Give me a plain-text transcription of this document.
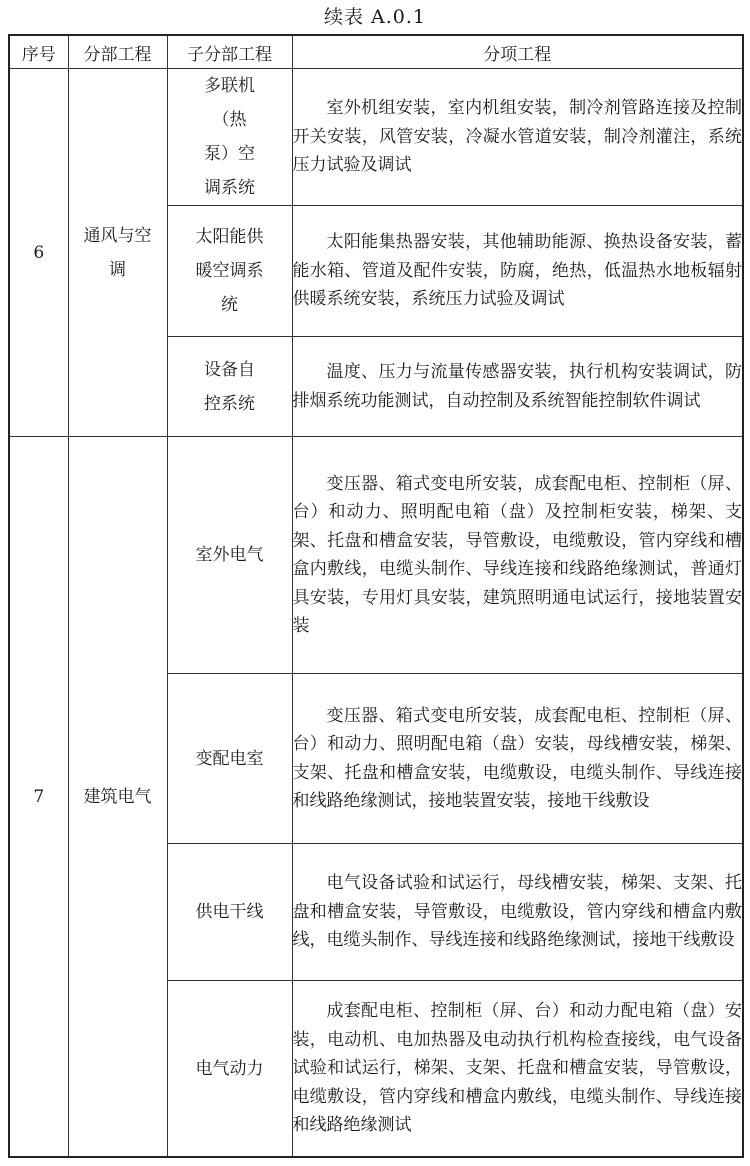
续表 A.0.1
序号	分部工程	子分部工程	分项工程
6	通风与空调	多联机（热泵）空调系统	室外机组安装，室内机组安装，制冷剂管路连接及控制开关安装，风管安装，冷凝水管道安装，制冷剂灌注，系统压力试验及调试

		太阳能供暖空调系统	太阳能集热器安装，其他辅助能源、换热设备安装，蓄能水箱、管道及配件安装，防腐，绝热，低温热水地板辐射供暖系统安装，系统压力试验及调试

		设备自控系统	温度、压力与流量传感器安装，执行机构安装调试，防排烟系统功能测试，自动控制及系统智能控制软件调试

7	建筑电气	室外电气	变压器、箱式变电所安装，成套配电柜、控制柜（屏、台）和动力、照明配电箱（盘）及控制柜安装，梯架、支架、托盘和槽盒安装，导管敷设，电缆敷设，管内穿线和槽盒内敷线，电缆头制作、导线连接和线路绝缘测试，普通灯具安装，专用灯具安装，建筑照明通电试运行，接地装置安装

		变配电室	变压器、箱式变电所安装，成套配电柜、控制柜（屏、台）和动力、照明配电箱（盘）安装，母线槽安装，梯架、支架、托盘和槽盒安装，电缆敷设，电缆头制作、导线连接和线路绝缘测试，接地装置安装，接地干线敷设

		供电干线	电气设备试验和试运行，母线槽安装，梯架、支架、托盘和槽盒安装，导管敷设，电缆敷设，管内穿线和槽盒内敷线，电缆头制作、导线连接和线路绝缘测试，接地干线敷设

		电气动力	成套配电柜、控制柜（屏、台）和动力配电箱（盘）安装，电动机、电加热器及电动执行机构检查接线，电气设备试验和试运行，梯架、支架、托盘和槽盒安装，导管敷设，电缆敷设，管内穿线和槽盒内敷线，电缆头制作、导线连接和线路绝缘测试
